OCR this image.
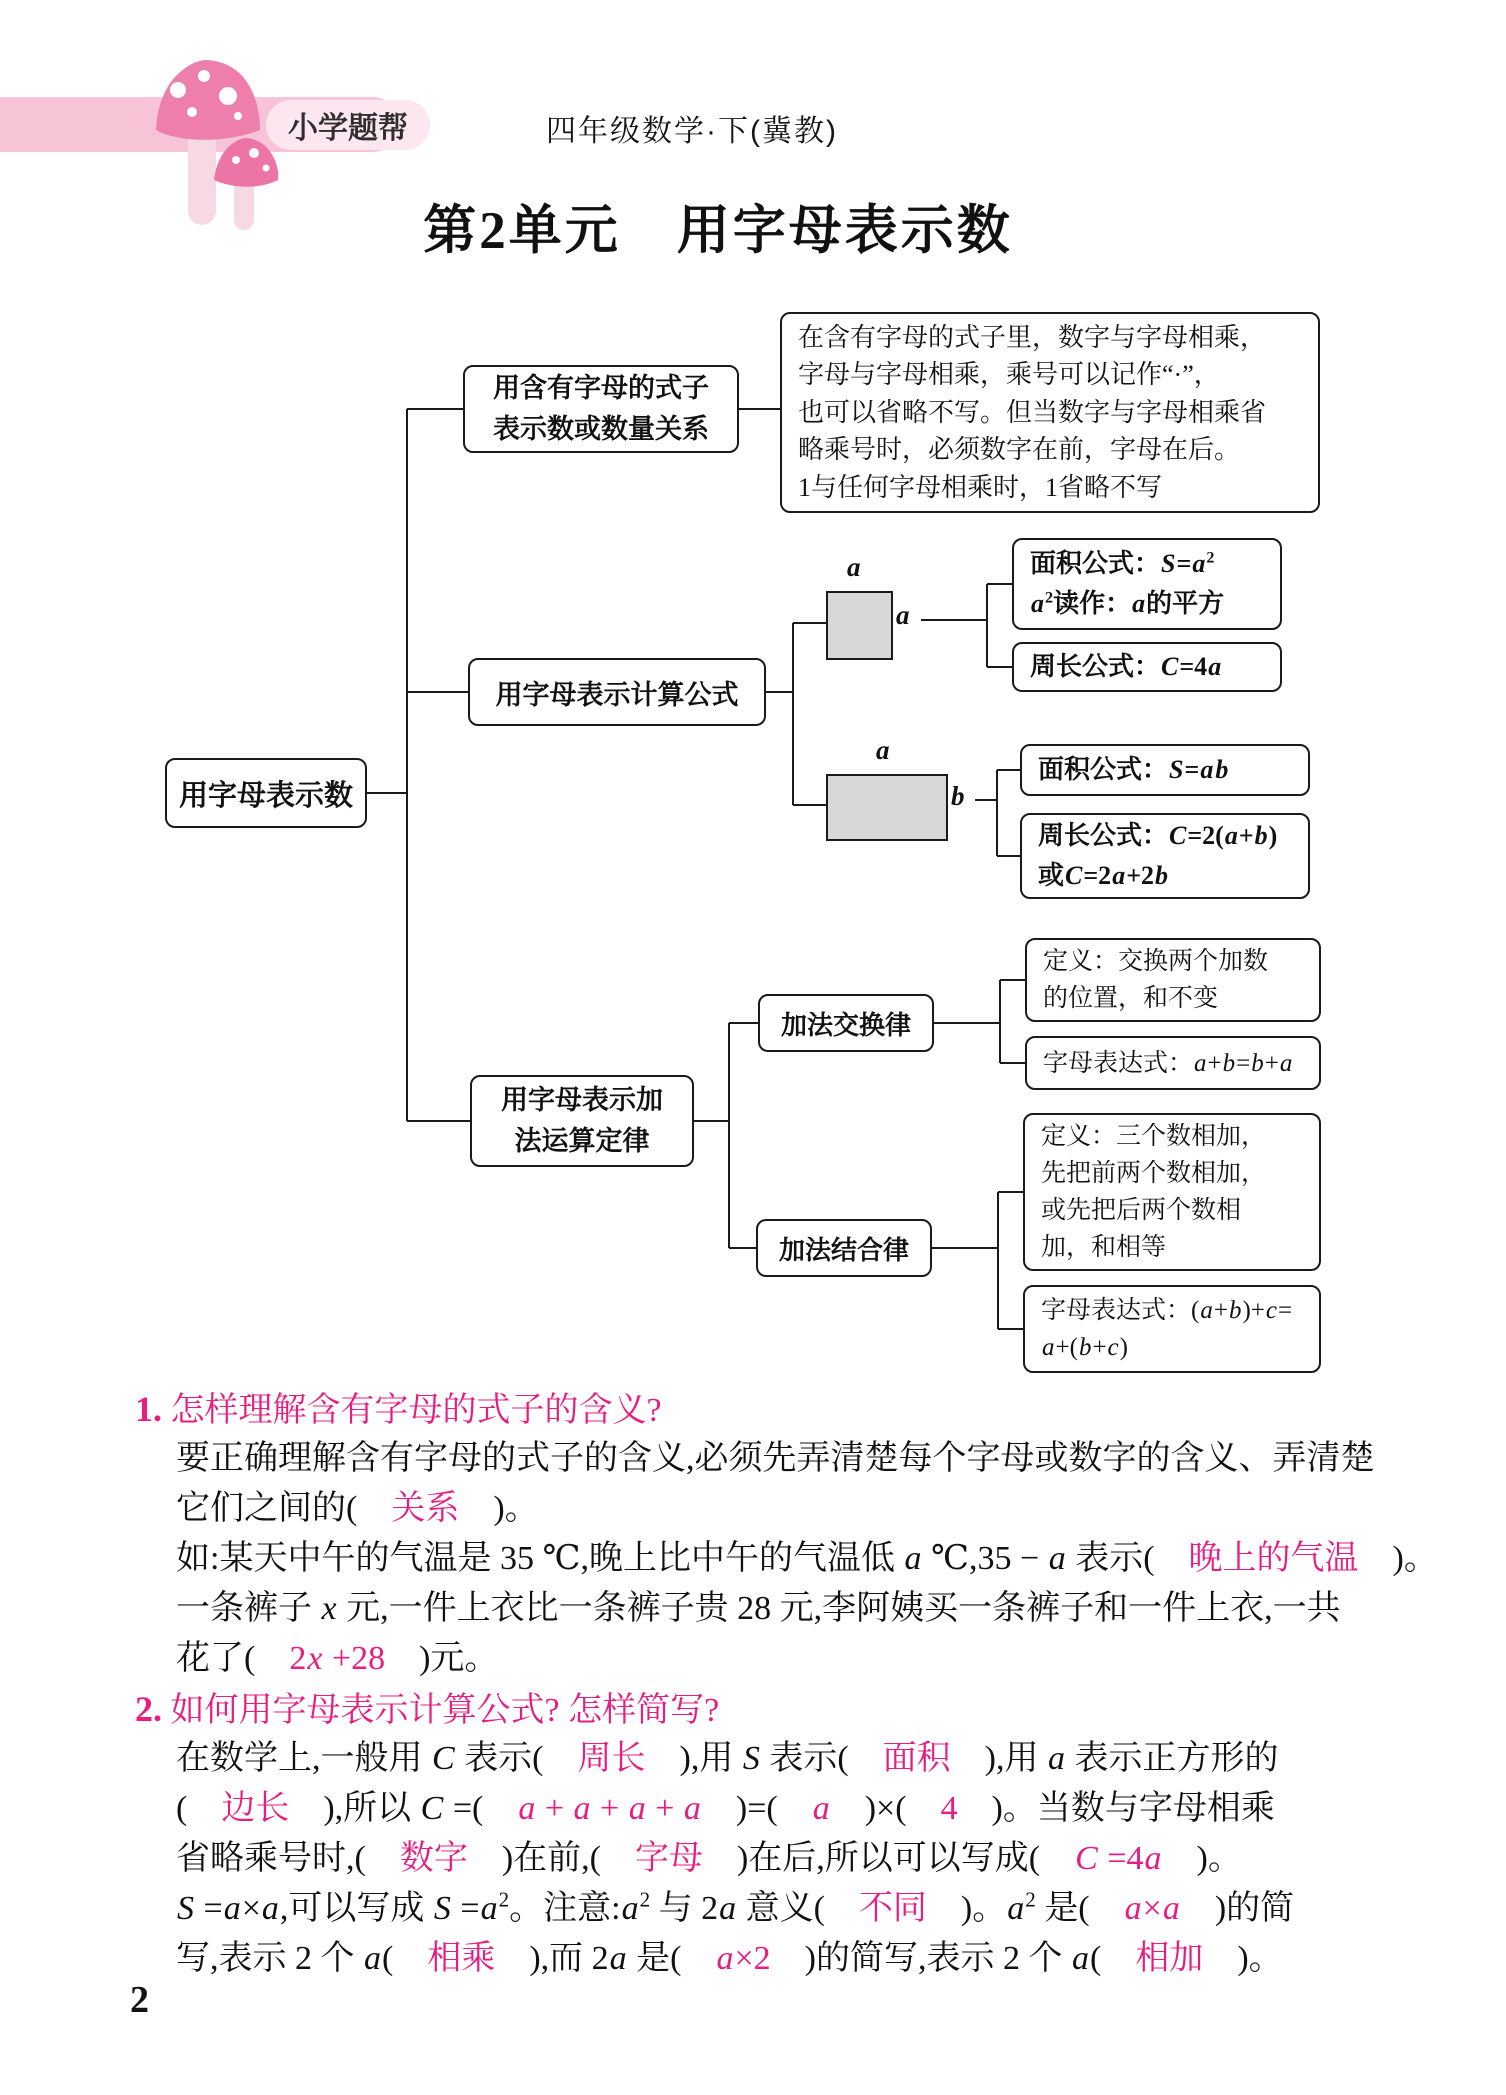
小学题帮	四年级数学·下(冀教)
第2单元　用字母表示数
用字母表示数
用含有字母的式子
表示数或数量关系
在含有字母的式子里，数字与字母相乘，
字母与字母相乘，乘号可以记作“·”，
也可以省略不写。但当数字与字母相乘省
略乘号时，必须数字在前，字母在后。
1与任何字母相乘时，1省略不写
用字母表示计算公式
a
a
面积公式：$S=a^2$
$a^2$读作：a的平方
周长公式：C=4a
a
b
面积公式：S=ab
周长公式：C=2(a+b)
或C=2a+2b
用字母表示加
法运算定律
加法交换律
定义：交换两个加数
的位置，和不变
字母表达式：a+b=b+a
加法结合律
定义：三个数相加，
先把前两个数相加，
或先把后两个数相
加，和相等
字母表达式：(a+b)+c=
a+(b+c)
1. 怎样理解含有字母的式子的含义?
要正确理解含有字母的式子的含义,必须先弄清楚每个字母或数字的含义、弄清楚
它们之间的(　关系　)。
如:某天中午的气温是 35 ℃,晚上比中午的气温低 a ℃,35 − a 表示(　晚上的气温　)。
一条裤子 x 元,一件上衣比一条裤子贵 28 元,李阿姨买一条裤子和一件上衣,一共
花了(　2x +28　)元。
2. 如何用字母表示计算公式? 怎样简写?
在数学上,一般用 C 表示(　周长　),用 S 表示(　面积　),用 a 表示正方形的
(　边长　),所以 C =(　a + a + a + a　)=(　a　)×(　4　)。当数与字母相乘
省略乘号时,(　数字　)在前,(　字母　)在后,所以可以写成(　C =4a　)。
S =a×a,可以写成 $S =a^2$。注意$:a^2$ 与 2a 意义(　不同　)。$a^2$ 是(　a×a　)的简
写,表示 2 个 a(　相乘　),而 2a 是(　a×2　)的简写,表示 2 个 a(　相加　)。
2
